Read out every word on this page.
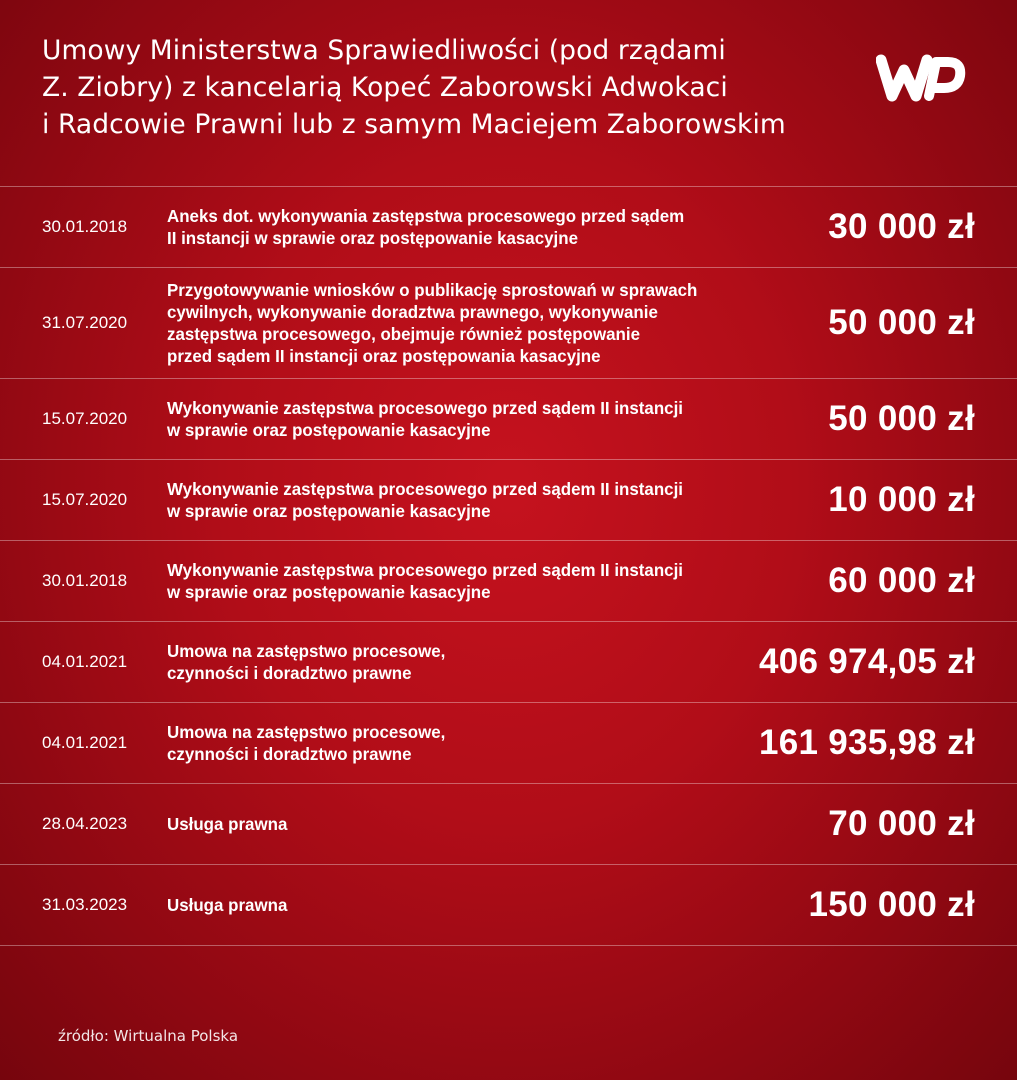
Umowy Ministerstwa Sprawiedliwości (pod rządami
Z. Ziobry) z kancelarią Kopeć Zaborowski Adwokaci
i Radcowie Prawni lub z samym Maciejem Zaborowskim
30.01.2018
Aneks dot. wykonywania zastępstwa procesowego przed sądem
II instancji w sprawie oraz postępowanie kasacyjne	30 000 zł
31.07.2020
Przygotowywanie wniosków o publikację sprostowań w sprawach
cywilnych, wykonywanie doradztwa prawnego, wykonywanie
zastępstwa procesowego, obejmuje również postępowanie
przed sądem II instancji oraz postępowania kasacyjne
50 000 zł
15.07.2020
Wykonywanie zastępstwa procesowego przed sądem II instancji
w sprawie oraz postępowanie kasacyjne	50 000 zł
15.07.2020
Wykonywanie zastępstwa procesowego przed sądem II instancji
w sprawie oraz postępowanie kasacyjne	10 000 zł
30.01.2018
Wykonywanie zastępstwa procesowego przed sądem II instancji
w sprawie oraz postępowanie kasacyjne	60 000 zł
04.01.2021
Umowa na zastępstwo procesowe,
czynności i doradztwo prawne	406 974,05 zł
04.01.2021
Umowa na zastępstwo procesowe,
czynności i doradztwo prawne	161 935,98 zł
28.04.2023 Usługa prawna	70 000 zł
31.03.2023 Usługa prawna	150 000 zł
źródło: Wirtualna Polska
